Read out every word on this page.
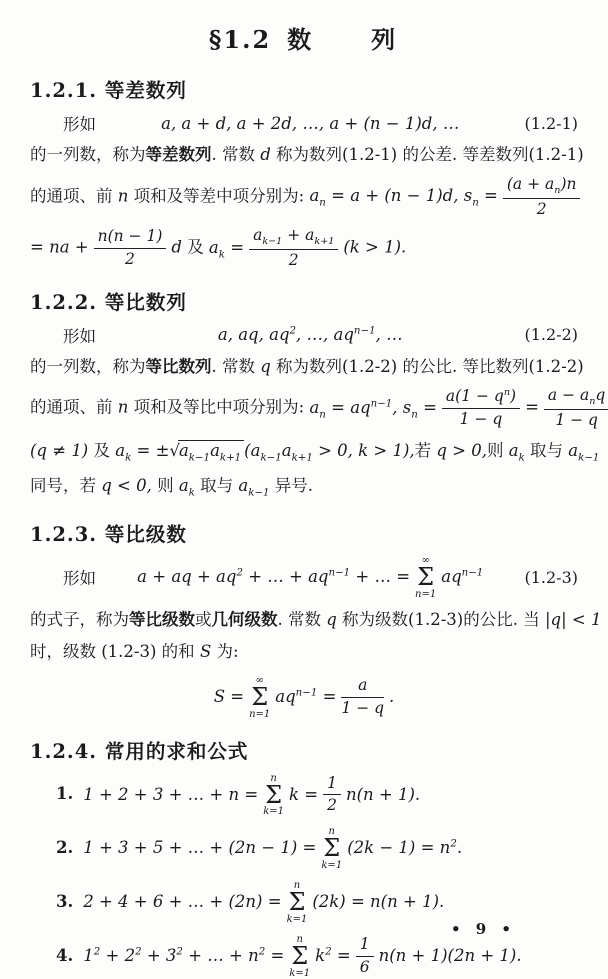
§1.2 数　　列
1.2.1. 等差数列
形如	a, a + d, a + 2d, …, a + (n − 1)d, …	(1.2-1)
的一列数，称为等差数列. 常数 d 称为数列(1.2-1) 的公差. 等差数列(1.2-1)
的通项、前 n 项和及等差中项分别为: $a_n = a + (n - 1)d$, $s_n = \frac{(a + a_n)n}{2}$
= na + $\frac{n(n - 1)}{2}$ d 及 $a_k = \frac{a_{k-1} + a_{k+1}}{2} (k > 1)$.
1.2.2. 等比数列
形如	a, aq, $aq^2$, …, $aq^{n-1}$, …	(1.2-2)
的一列数，称为等比数列. 常数 q 称为数列(1.2-2) 的公比. 等比数列(1.2-2)
的通项、前 n 项和及等比中项分别为: $a_n = aq^{n-1}$, $s_n = \frac{a(1 - q^n)}{1 - q} = \frac{a - a_nq}{1 - q}$
(q ≠ 1) 及 $a_k = \pm√a_{k-1}a_{k+1}$ ($a_{k-1}a_{k+1} > 0$, k > 1),若 q > 0,则 $a_k$ 取与 $a_{k-1}$
同号，若 q < 0, 则 $a_k$ 取与 $a_{k-1}$ 异号.
1.2.3. 等比级数
形如	a + aq + $aq^2$ + … + $aq^{n-1}$ + … =
∞
Σ
n=1
$aq^{n-1}$	(1.2-3)
的式子，称为等比级数或几何级数. 常数 q 称为级数(1.2-3)的公比. 当 |q| < 1
时，级数 (1.2-3) 的和 S 为:
S =
∞
Σ
n=1
$aq^{n-1} = \frac{a}{1 - q}$ .
1.2.4. 常用的求和公式
1. 1 + 2 + 3 + … + n =
n
Σ
k=1
$k = \frac{1}{2} n(n + 1)$.
2. 1 + 3 + 5 + … + (2n − 1) =
n
Σ
k=1
$(2k - 1) = n^2$.
3. 2 + 4 + 6 + … + (2n) =
n
Σ
k=1
(2k) = n(n + 1).
4. $1^2 + 2^2 + 3^2$ + … + $n^2$ =
n
Σ
k=1
$k^2 = \frac{1}{6} n(n + 1)(2n + 1)$.
• 9 •
